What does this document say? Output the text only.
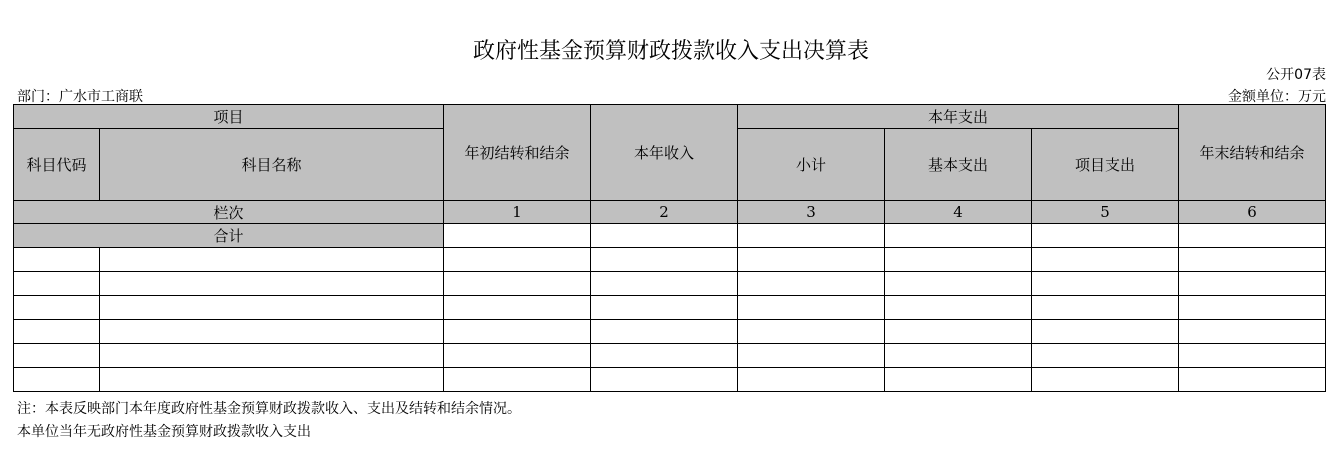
政府性基金预算财政拨款收入支出决算表
公开07表
部门：广水市工商联	金额单位：万元
项目		年初结转和结余	本年收入	本年支出			年末结转和结余
科目代码	科目名称			小计	基本支出	项目支出	
栏次		1	2	3	4	5	6
合计							

注：本表反映部门本年度政府性基金预算财政拨款收入、支出及结转和结余情况。
本单位当年无政府性基金预算财政拨款收入支出
